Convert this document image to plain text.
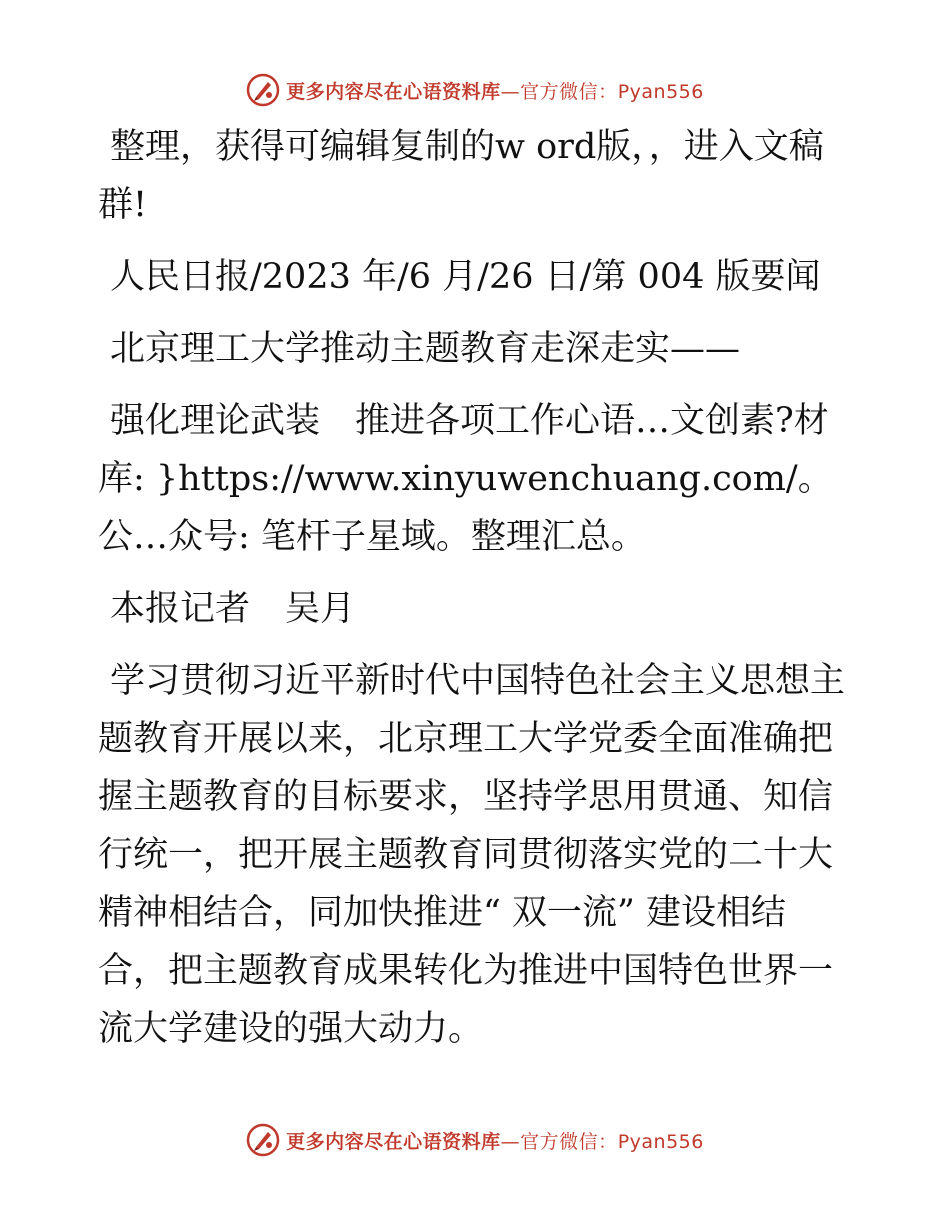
更多内容尽在心语资料库—官方微信：Pyan556

整理，获得可编辑复制的w ord版，，进入文稿群!

人民日报/2023 年/6 月/26 日/第 004 版要闻

北京理工大学推动主题教育走深走实——

强化理论武装　推进各项工作心语…文创素?材库: }https://www.xinyuwenchuang.com/。公…众号: 笔杆子星域。整理汇总。

本报记者　吴月

学习贯彻习近平新时代中国特色社会主义思想主题教育开展以来，北京理工大学党委全面准确把握主题教育的目标要求，坚持学思用贯通、知信行统一，把开展主题教育同贯彻落实党的二十大精神相结合，同加快推进“ 双一流” 建设相结合，把主题教育成果转化为推进中国特色世界一流大学建设的强大动力。

更多内容尽在心语资料库—官方微信：Pyan556
